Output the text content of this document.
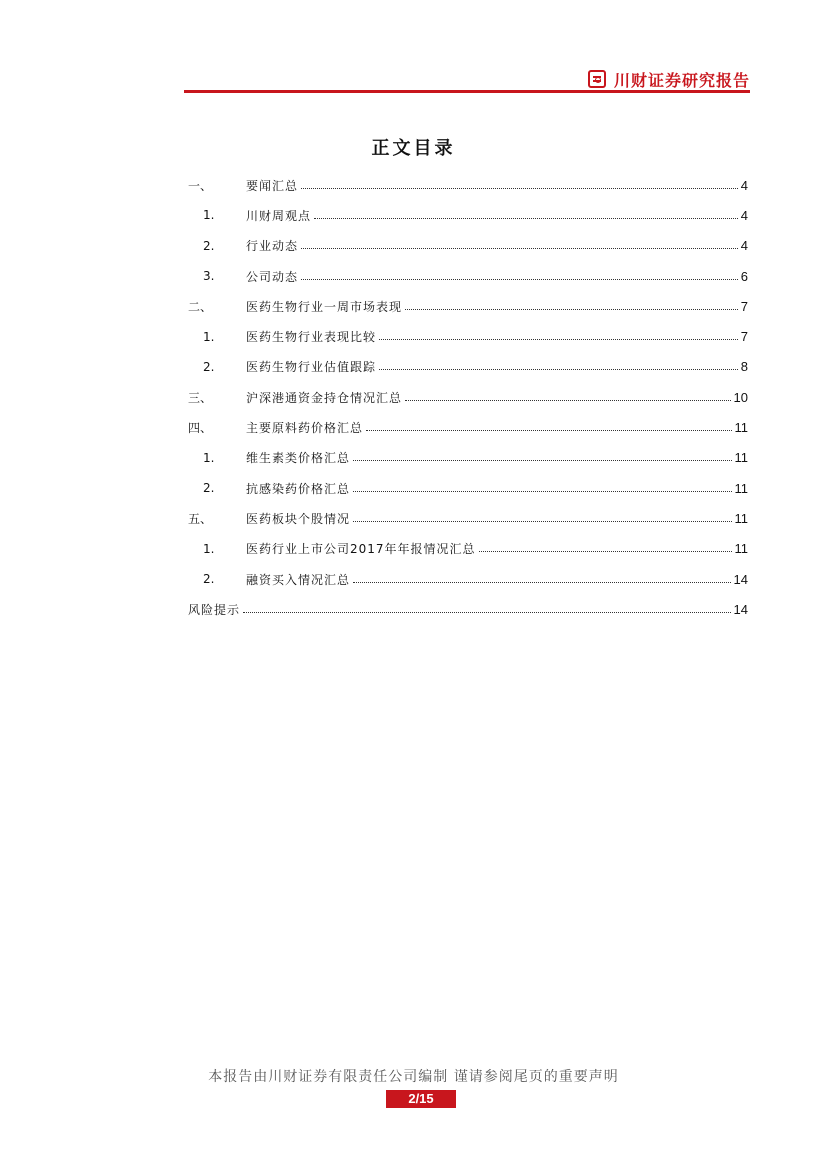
川财证券研究报告
正文目录
一、	要闻汇总	4
1.	川财周观点	4
2.	行业动态	4
3.	公司动态	6
二、	医药生物行业一周市场表现	7
1.	医药生物行业表现比较	7
2.	医药生物行业估值跟踪	8
三、	沪深港通资金持仓情况汇总	10
四、	主要原料药价格汇总	11
1.	维生素类价格汇总	11
2.	抗感染药价格汇总	11
五、	医药板块个股情况	11
1.	医药行业上市公司2017年年报情况汇总	11
2.	融资买入情况汇总	14
风险提示	14
本报告由川财证券有限责任公司编制 谨请参阅尾页的重要声明
2/15
